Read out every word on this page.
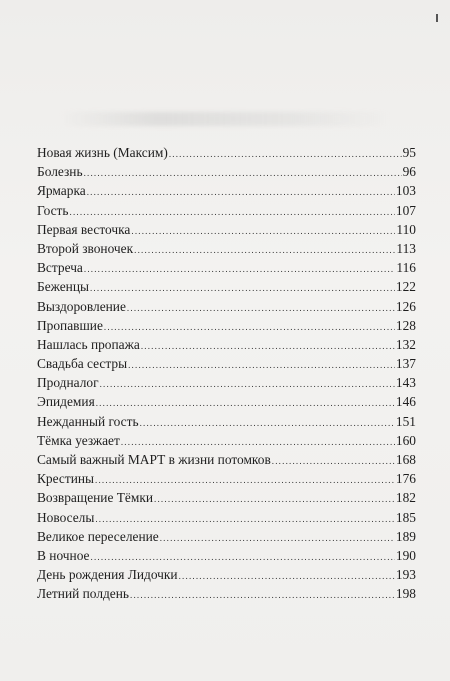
Новая жизнь (Максим) .....	95
Болезнь .....	96
Ярмарка .....	103
Гость .....	107
Первая весточка .....	110
Второй звоночек .....	113
Встреча .....	116
Беженцы .....	122
Выздоровление .....	126
Пропавшие .....	128
Нашлась пропажа .....	132
Свадьба сестры .....	137
Продналог .....	143
Эпидемия .....	146
Нежданный гость .....	151
Тёмка уезжает .....	160
Самый важный МАРТ в жизни потомков .....	168
Крестины .....	176
Возвращение Тёмки .....	182
Новоселы .....	185
Великое переселение .....	189
В ночное .....	190
День рождения Лидочки .....	193
Летний полдень .....	198
